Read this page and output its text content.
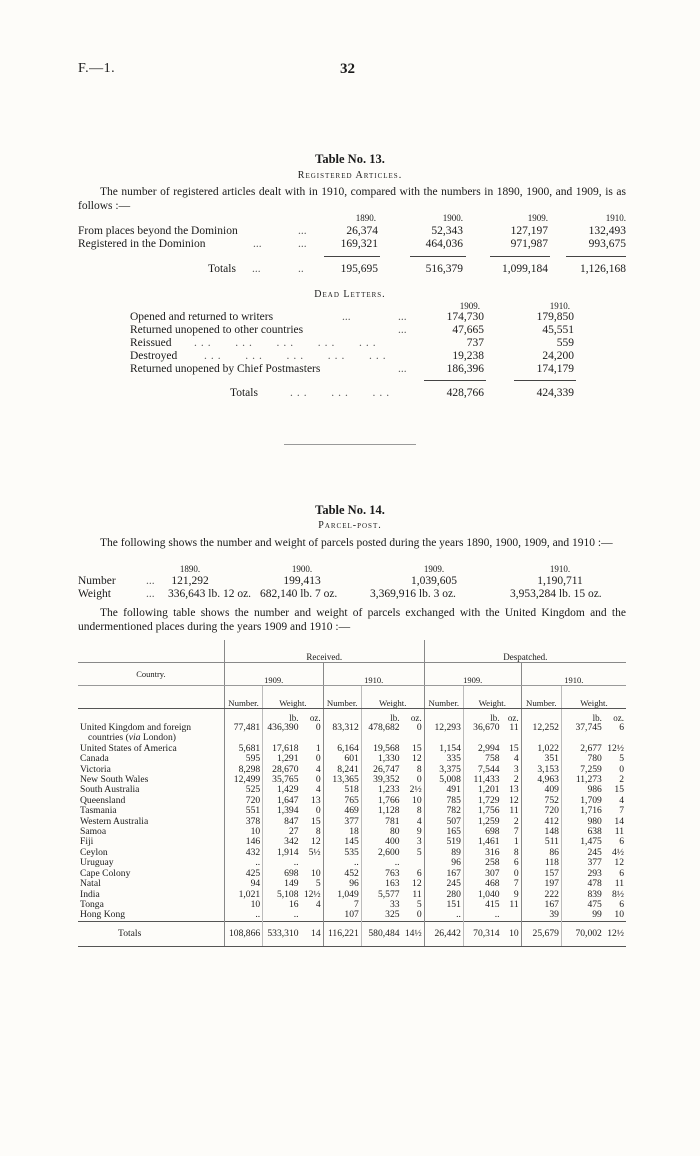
F.—1.	32
Table No. 13.
Registered Articles.
The number of registered articles dealt with in 1910, compared with the numbers in 1890, 1900, and 1909, is as follows :—
1890.	1900.	1909.	1910.
From places beyond the Dominion	...	26,374	52,343	127,197	132,493
Registered in the Dominion	...	...	169,321	464,036	971,987	993,675
Totals ...	..	195,695	516,379	1,099,184	1,126,168
Dead Letters.
1909.	1910.
Opened and returned to writers	...	...	174,730	179,850
Returned unopened to other countries	...	47,665	45,551
Reissued ...   ...   ...   ...   ...	737	559
Destroyed ...   ...   ...   ...   ...	19,238	24,200
Returned unopened by Chief Postmasters	...	186,396	174,179
Totals	...   ...   ...	428,766	424,339
Table No. 14.
Parcel-post.
The following shows the number and weight of parcels posted during the years 1890, 1900, 1909, and 1910 :—
1890.	1900.	1909.	1910.
Number	...	121,292	199,413	1,039,605	1,190,711
Weight	... 336,643 lb. 12 oz. 682,140 lb. 7 oz.	3,369,916 lb. 3 oz.	3,953,284 lb. 15 oz.
The following table shows the number and weight of parcels exchanged with the United Kingdom and the undermentioned places during the years 1909 and 1910 :—
	Received.						Despatched.					
Country.	1909.			1910.			1909.			1910.		
	Number.	Weight.		Number.	Weight.		Number.	Weight.		Number.	Weight.	
		lb.	oz.		lb.	oz.		lb.	oz.		lb.	oz.
United Kingdom and foreign	77,481	436,390	0	83,312	478,682	0	12,293	36,670	11	12,252	37,745	6
countries (via London)												
United States of America	5,681	17,618	1	6,164	19,568	15	1,154	2,994	15	1,022	2,677	12½
Canada	595	1,291	0	601	1,330	12	335	758	4	351	780	5
Victoria	8,298	28,670	4	8,241	26,747	8	3,375	7,544	3	3,153	7,259	0
New South Wales	12,499	35,765	0	13,365	39,352	0	5,008	11,433	2	4,963	11,273	2
South Australia	525	1,429	4	518	1,233	2½	491	1,201	13	409	986	15
Queensland	720	1,647	13	765	1,766	10	785	1,729	12	752	1,709	4
Tasmania	551	1,394	0	469	1,128	8	782	1,756	11	720	1,716	7
Western Australia	378	847	15	377	781	4	507	1,259	2	412	980	14
Samoa	10	27	8	18	80	9	165	698	7	148	638	11
Fiji	146	342	12	145	400	3	519	1,461	1	511	1,475	6
Ceylon	432	1,914	5½	535	2,600	5	89	316	8	86	245	4½
Uruguay	..	..		..	..		96	258	6	118	377	12
Cape Colony	425	698	10	452	763	6	167	307	0	157	293	6
Natal	94	149	5	96	163	12	245	468	7	197	478	11
India	1,021	5,108	12½	1,049	5,577	11	280	1,040	9	222	839	8½
Tonga	10	16	4	7	33	5	151	415	11	167	475	6
Hong Kong	..	..		107	325	0	..	..		39	99	10
Totals	108,866	533,310	14	116,221	580,484	14½	26,442	70,314	10	25,679	70,002	12½
